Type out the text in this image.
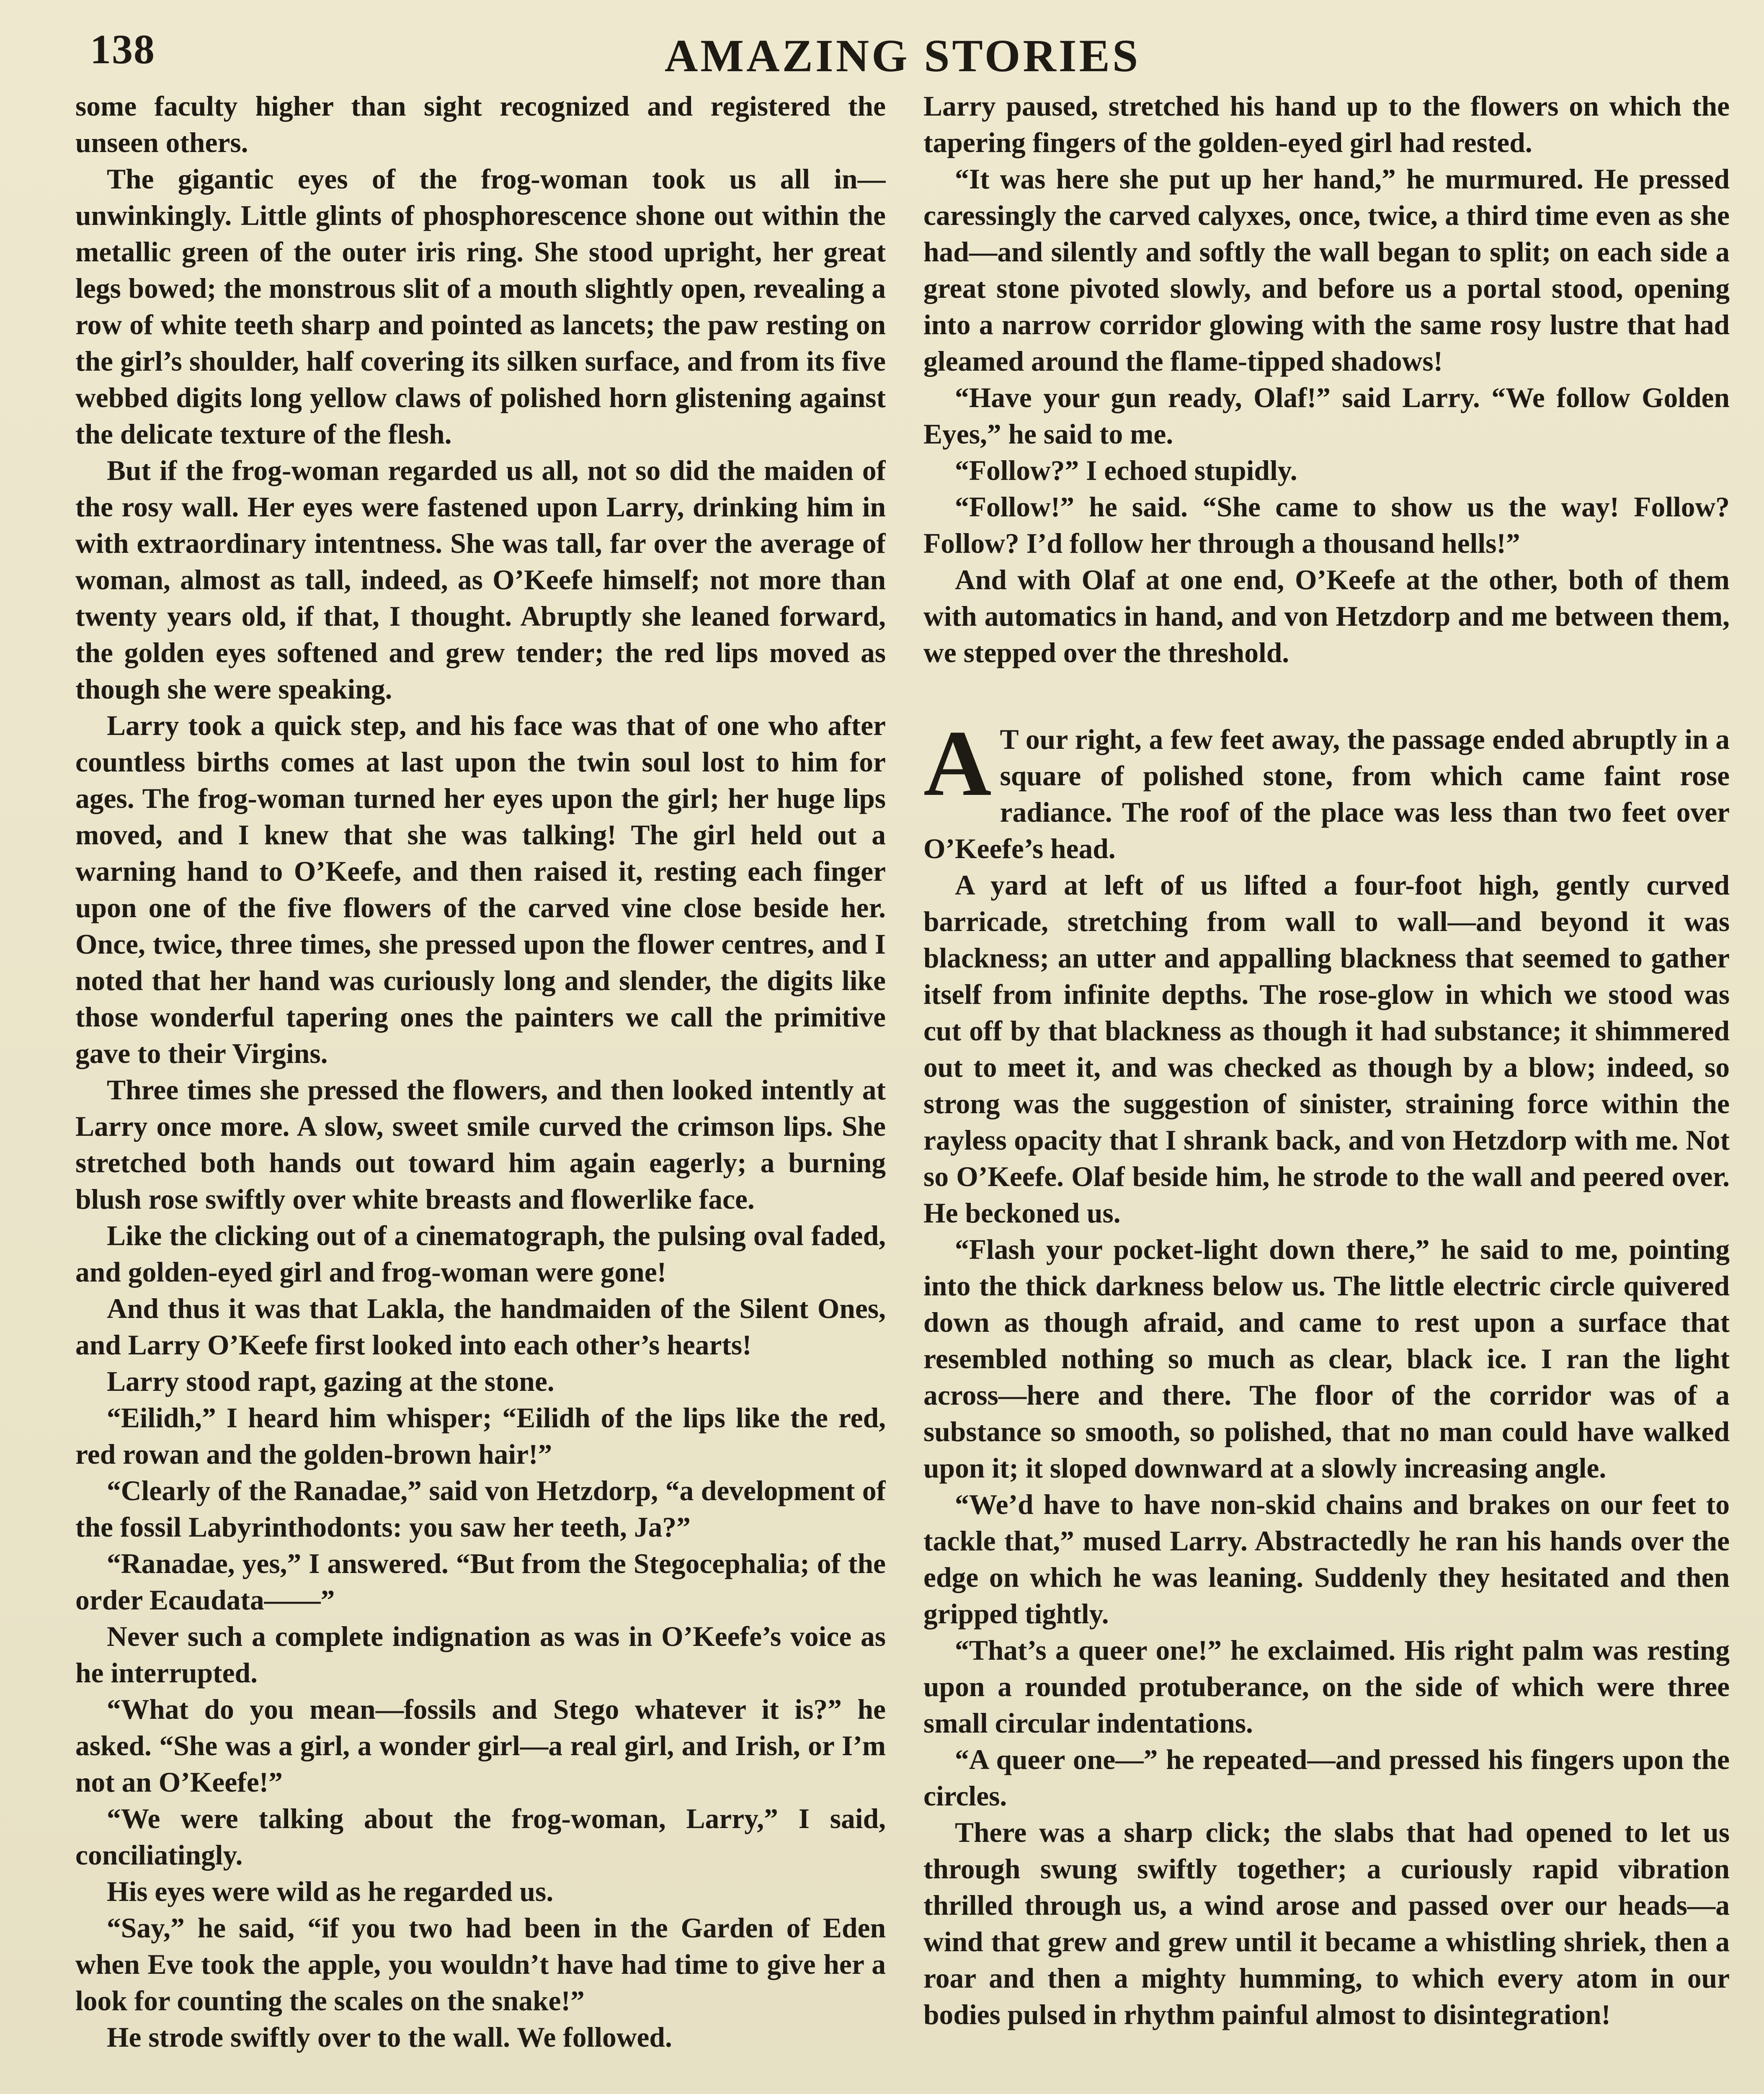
138	AMAZING STORIES

some faculty higher than sight recognized and registered the unseen others.

The gigantic eyes of the frog-woman took us all in—unwinkingly. Little glints of phosphorescence shone out within the metallic green of the outer iris ring. She stood upright, her great legs bowed; the monstrous slit of a mouth slightly open, revealing a row of white teeth sharp and pointed as lancets; the paw resting on the girl’s shoulder, half covering its silken surface, and from its five webbed digits long yellow claws of polished horn glistening against the delicate texture of the flesh.

But if the frog-woman regarded us all, not so did the maiden of the rosy wall. Her eyes were fastened upon Larry, drinking him in with extraordinary intentness. She was tall, far over the average of woman, almost as tall, indeed, as O’Keefe himself; not more than twenty years old, if that, I thought. Abruptly she leaned forward, the golden eyes softened and grew tender; the red lips moved as though she were speaking.

Larry took a quick step, and his face was that of one who after countless births comes at last upon the twin soul lost to him for ages. The frog-woman turned her eyes upon the girl; her huge lips moved, and I knew that she was talking! The girl held out a warning hand to O’Keefe, and then raised it, resting each finger upon one of the five flowers of the carved vine close beside her. Once, twice, three times, she pressed upon the flower centres, and I noted that her hand was curiously long and slender, the digits like those wonderful tapering ones the painters we call the primitive gave to their Virgins.

Three times she pressed the flowers, and then looked intently at Larry once more. A slow, sweet smile curved the crimson lips. She stretched both hands out toward him again eagerly; a burning blush rose swiftly over white breasts and flowerlike face.

Like the clicking out of a cinematograph, the pulsing oval faded, and golden-eyed girl and frog-woman were gone!

And thus it was that Lakla, the handmaiden of the Silent Ones, and Larry O’Keefe first looked into each other’s hearts!

Larry stood rapt, gazing at the stone.

“Eilidh,” I heard him whisper; “Eilidh of the lips like the red, red rowan and the golden-brown hair!”

“Clearly of the Ranadae,” said von Hetzdorp, “a development of the fossil Labyrinthodonts: you saw her teeth, Ja?”

“Ranadae, yes,” I answered. “But from the Stegocephalia; of the order Ecaudata——”

Never such a complete indignation as was in O’Keefe’s voice as he interrupted.

“What do you mean—fossils and Stego whatever it is?” he asked. “She was a girl, a wonder girl—a real girl, and Irish, or I’m not an O’Keefe!”

“We were talking about the frog-woman, Larry,” I said, conciliatingly.

His eyes were wild as he regarded us.

“Say,” he said, “if you two had been in the Garden of Eden when Eve took the apple, you wouldn’t have had time to give her a look for counting the scales on the snake!”

He strode swiftly over to the wall. We followed.

Larry paused, stretched his hand up to the flowers on which the tapering fingers of the golden-eyed girl had rested.

“It was here she put up her hand,” he murmured. He pressed caressingly the carved calyxes, once, twice, a third time even as she had—and silently and softly the wall began to split; on each side a great stone pivoted slowly, and before us a portal stood, opening into a narrow corridor glowing with the same rosy lustre that had gleamed around the flame-tipped shadows!

“Have your gun ready, Olaf!” said Larry. “We follow Golden Eyes,” he said to me.

“Follow?” I echoed stupidly.

“Follow!” he said. “She came to show us the way! Follow? Follow? I’d follow her through a thousand hells!”

And with Olaf at one end, O’Keefe at the other, both of them with automatics in hand, and von Hetzdorp and me between them, we stepped over the threshold.

A T our right, a few feet away, the passage ended abruptly in a square of polished stone, from which came faint rose radiance. The roof of the place was less than two feet over O’Keefe’s head.

A yard at left of us lifted a four-foot high, gently curved barricade, stretching from wall to wall—and beyond it was blackness; an utter and appalling blackness that seemed to gather itself from infinite depths. The rose-glow in which we stood was cut off by that blackness as though it had substance; it shimmered out to meet it, and was checked as though by a blow; indeed, so strong was the suggestion of sinister, straining force within the rayless opacity that I shrank back, and von Hetzdorp with me. Not so O’Keefe. Olaf beside him, he strode to the wall and peered over. He beckoned us.

“Flash your pocket-light down there,” he said to me, pointing into the thick darkness below us. The little electric circle quivered down as though afraid, and came to rest upon a surface that resembled nothing so much as clear, black ice. I ran the light across—here and there. The floor of the corridor was of a substance so smooth, so polished, that no man could have walked upon it; it sloped downward at a slowly increasing angle.

“We’d have to have non-skid chains and brakes on our feet to tackle that,” mused Larry. Abstractedly he ran his hands over the edge on which he was leaning. Suddenly they hesitated and then gripped tightly.

“That’s a queer one!” he exclaimed. His right palm was resting upon a rounded protuberance, on the side of which were three small circular indentations.

“A queer one—” he repeated—and pressed his fingers upon the circles.

There was a sharp click; the slabs that had opened to let us through swung swiftly together; a curiously rapid vibration thrilled through us, a wind arose and passed over our heads—a wind that grew and grew until it became a whistling shriek, then a roar and then a mighty humming, to which every atom in our bodies pulsed in rhythm painful almost to disintegration!
